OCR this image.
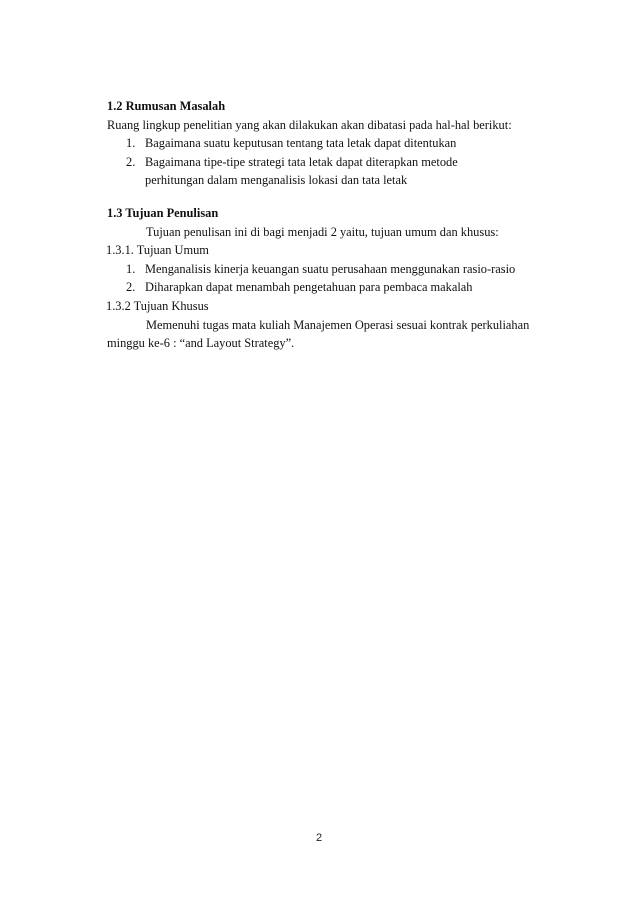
1.2 Rumusan Masalah
Ruang lingkup penelitian yang akan dilakukan akan dibatasi pada hal-hal berikut:
1. Bagaimana suatu keputusan tentang tata letak dapat ditentukan
2. Bagaimana tipe-tipe strategi tata letak dapat diterapkan metode
perhitungan dalam menganalisis lokasi dan tata letak
1.3 Tujuan Penulisan
Tujuan penulisan ini di bagi menjadi 2 yaitu, tujuan umum dan khusus:
1.3.1. Tujuan Umum
1. Menganalisis kinerja keuangan suatu perusahaan menggunakan rasio-rasio
2. Diharapkan dapat menambah pengetahuan para pembaca makalah
1.3.2 Tujuan Khusus
Memenuhi tugas mata kuliah Manajemen Operasi sesuai kontrak perkuliahan
minggu ke-6 : “and Layout Strategy”.
2
